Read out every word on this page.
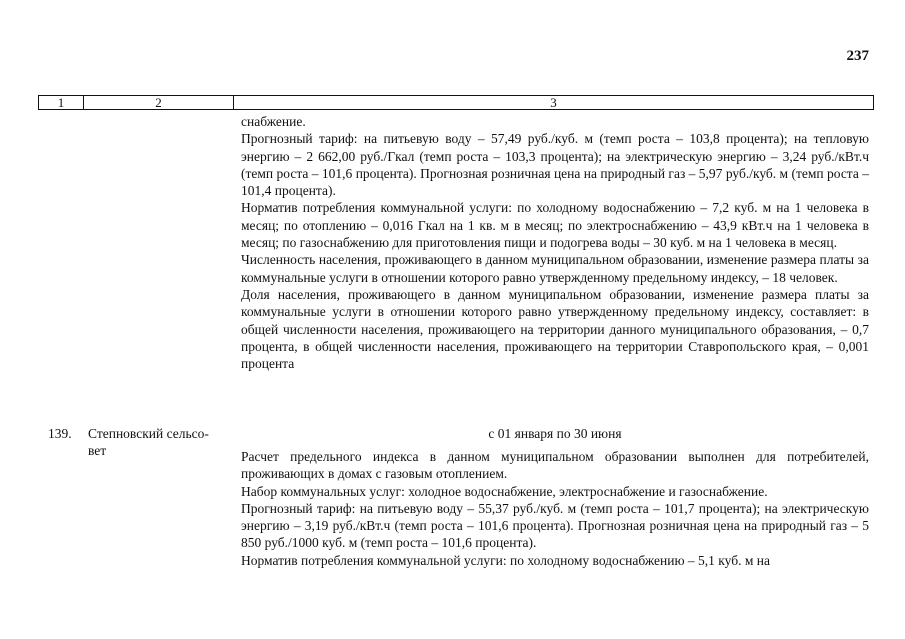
237
1	2	3

снабжение.

Прогнозный тариф: на питьевую воду – 57,49 руб./куб. м (темп роста – 103,8 процента); на тепловую энергию – 2 662,00 руб./Гкал (темп роста – 103,3 процента); на электрическую энергию – 3,24 руб./кВт.ч (темп роста – 101,6 процента). Прогнозная розничная цена на природный газ – 5,97 руб./куб. м (темп роста – 101,4 процента).

Норматив потребления коммунальной услуги: по холодному водоснабжению – 7,2 куб. м на 1 человека в месяц; по отоплению – 0,016 Гкал на 1 кв. м в месяц; по электроснабжению – 43,9 кВт.ч на 1 человека в месяц; по газоснабжению для приготовления пищи и подогрева воды – 30 куб. м на 1 человека в месяц.

Численность населения, проживающего в данном муниципальном образовании, изменение размера платы за коммунальные услуги в отношении которого равно утвержденному предельному индексу, – 18 человек.

Доля населения, проживающего в данном муниципальном образовании, изменение размера платы за коммунальные услуги в отношении которого равно утвержденному предельному индексу, составляет: в общей численности населения, проживающего на территории данного муниципального образования, – 0,7 процента, в общей численности населения, проживающего на территории Ставропольского края, – 0,001 процента

139. Степновский сельсо-
вет
с 01 января по 30 июня

Расчет предельного индекса в данном муниципальном образовании выполнен для потребителей, проживающих в домах с газовым отоплением.

Набор коммунальных услуг: холодное водоснабжение, электроснабжение и газоснабжение.

Прогнозный тариф: на питьевую воду – 55,37 руб./куб. м (темп роста – 101,7 процента); на электрическую энергию – 3,19 руб./кВт.ч (темп роста – 101,6 процента). Прогнозная розничная цена на природный газ – 5 850 руб./1000 куб. м (темп роста – 101,6 процента).

Норматив потребления коммунальной услуги: по холодному водоснабжению – 5,1 куб. м на
